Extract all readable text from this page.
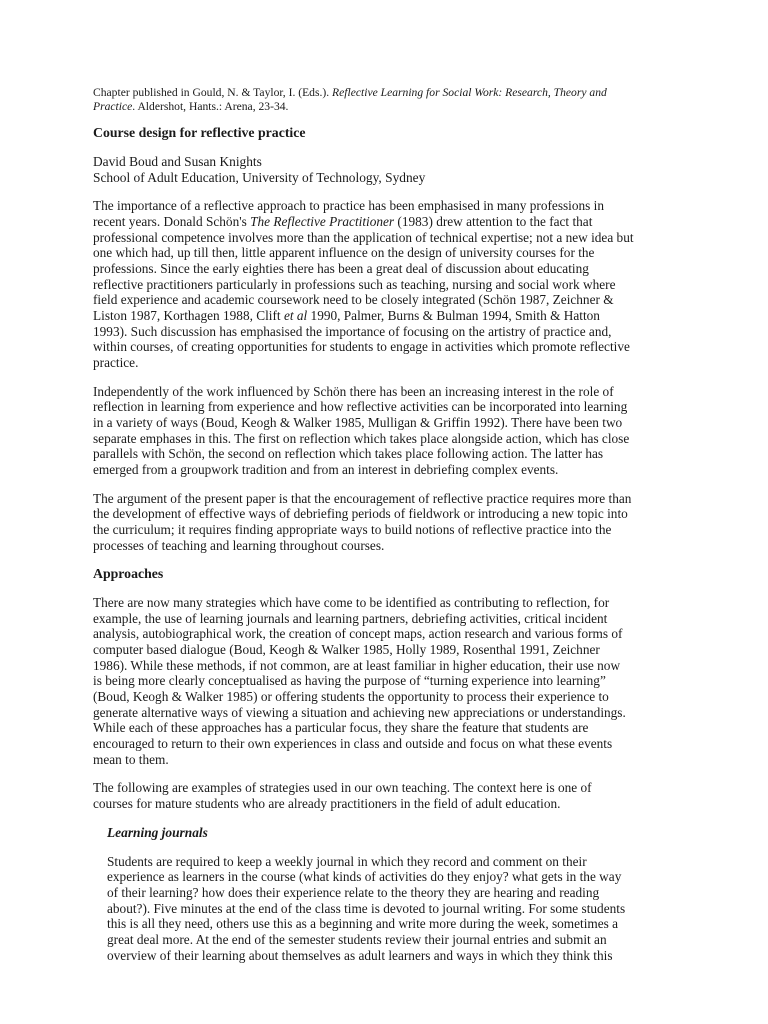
Chapter published in Gould, N. & Taylor, I. (Eds.). Reflective Learning for Social Work: Research, Theory and
Practice. Aldershot, Hants.: Arena, 23-34.

Course design for reflective practice

David Boud and Susan Knights
School of Adult Education, University of Technology, Sydney

The importance of a reflective approach to practice has been emphasised in many professions in
recent years. Donald Schön's The Reflective Practitioner (1983) drew attention to the fact that
professional competence involves more than the application of technical expertise; not a new idea but
one which had, up till then, little apparent influence on the design of university courses for the
professions. Since the early eighties there has been a great deal of discussion about educating
reflective practitioners particularly in professions such as teaching, nursing and social work where
field experience and academic coursework need to be closely integrated (Schön 1987, Zeichner &
Liston 1987, Korthagen 1988, Clift et al 1990, Palmer, Burns & Bulman 1994, Smith & Hatton
1993). Such discussion has emphasised the importance of focusing on the artistry of practice and,
within courses, of creating opportunities for students to engage in activities which promote reflective
practice.

Independently of the work influenced by Schön there has been an increasing interest in the role of
reflection in learning from experience and how reflective activities can be incorporated into learning
in a variety of ways (Boud, Keogh & Walker 1985, Mulligan & Griffin 1992). There have been two
separate emphases in this. The first on reflection which takes place alongside action, which has close
parallels with Schön, the second on reflection which takes place following action. The latter has
emerged from a groupwork tradition and from an interest in debriefing complex events.

The argument of the present paper is that the encouragement of reflective practice requires more than
the development of effective ways of debriefing periods of fieldwork or introducing a new topic into
the curriculum; it requires finding appropriate ways to build notions of reflective practice into the
processes of teaching and learning throughout courses.

Approaches

There are now many strategies which have come to be identified as contributing to reflection, for
example, the use of learning journals and learning partners, debriefing activities, critical incident
analysis, autobiographical work, the creation of concept maps, action research and various forms of
computer based dialogue (Boud, Keogh & Walker 1985, Holly 1989, Rosenthal 1991, Zeichner
1986). While these methods, if not common, are at least familiar in higher education, their use now
is being more clearly conceptualised as having the purpose of “turning experience into learning”
(Boud, Keogh & Walker 1985) or offering students the opportunity to process their experience to
generate alternative ways of viewing a situation and achieving new appreciations or understandings.
While each of these approaches has a particular focus, they share the feature that students are
encouraged to return to their own experiences in class and outside and focus on what these events
mean to them.

The following are examples of strategies used in our own teaching. The context here is one of
courses for mature students who are already practitioners in the field of adult education.

Learning journals

Students are required to keep a weekly journal in which they record and comment on their
experience as learners in the course (what kinds of activities do they enjoy? what gets in the way
of their learning? how does their experience relate to the theory they are hearing and reading
about?). Five minutes at the end of the class time is devoted to journal writing. For some students
this is all they need, others use this as a beginning and write more during the week, sometimes a
great deal more. At the end of the semester students review their journal entries and submit an
overview of their learning about themselves as adult learners and ways in which they think this
